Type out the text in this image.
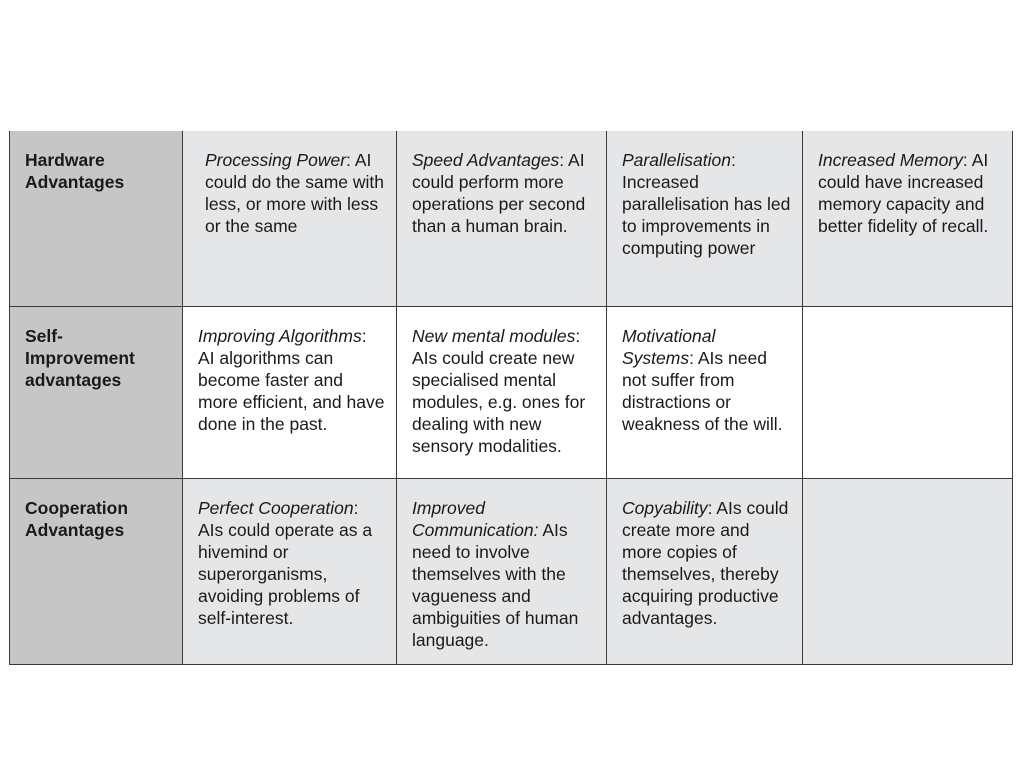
Hardware Advantages	Processing Power: AI could do the same with less, or more with less or the same	Speed Advantages: AI could perform more operations per second than a human brain.	Parallelisation: Increased parallelisation has led to improvements in computing power	Increased Memory: AI could have increased memory capacity and better fidelity of recall.
Self-Improvement advantages	Improving Algorithms: AI algorithms can become faster and more efficient, and have done in the past.	New mental modules: AIs could create new specialised mental modules, e.g. ones for dealing with new sensory modalities.	Motivational Systems: AIs need not suffer from distractions or weakness of the will.	
Cooperation Advantages	Perfect Cooperation: AIs could operate as a hivemind or superorganisms, avoiding problems of self-interest.	Improved Communication: AIs need to involve themselves with the vagueness and ambiguities of human language.	Copyability: AIs could create more and more copies of themselves, thereby acquiring productive advantages.	
